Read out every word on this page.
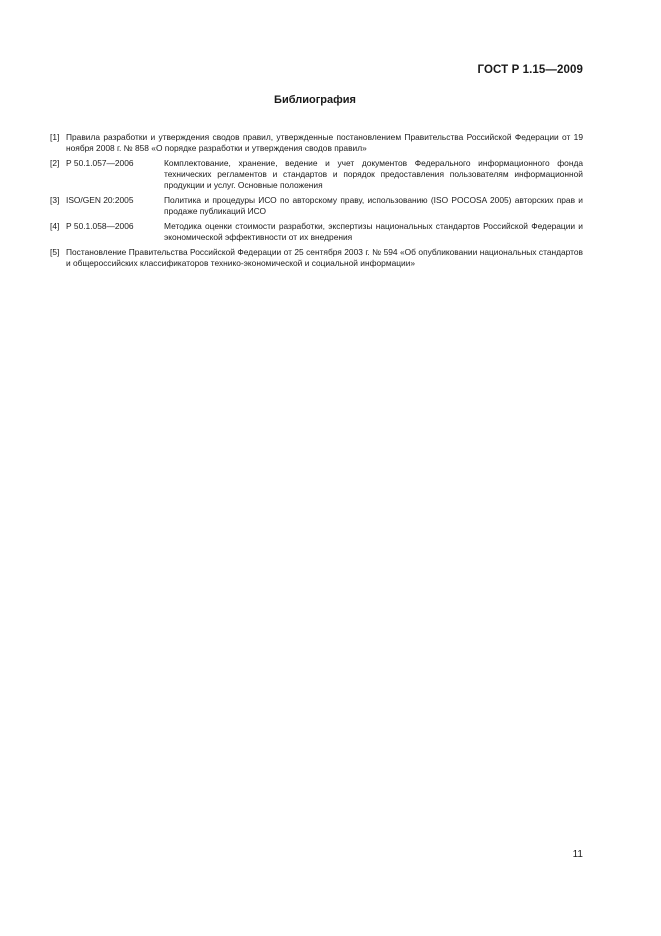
ГОСТ Р 1.15—2009
Библиография
[1] Правила разработки и утверждения сводов правил, утвержденные постановлением Правительства Российской Федерации от 19 ноября 2008 г. № 858 «О порядке разработки и утверждения сводов правил»
[2] Р 50.1.057—2006	Комплектование, хранение, ведение и учет документов Федерального информационного фонда технических регламентов и стандартов и порядок предоставления пользователям информационной продукции и услуг. Основные положения
[3] ISO/GEN 20:2005	Политика и процедуры ИСО по авторскому праву, использованию (ISO POCOSA 2005) авторских прав и продаже публикаций ИСО
[4] Р 50.1.058—2006	Методика оценки стоимости разработки, экспертизы национальных стандартов Российской Федерации и экономической эффективности от их внедрения
[5] Постановление Правительства Российской Федерации от 25 сентября 2003 г. № 594 «Об опубликовании национальных стандартов и общероссийских классификаторов технико-экономической и социальной информации»
11
